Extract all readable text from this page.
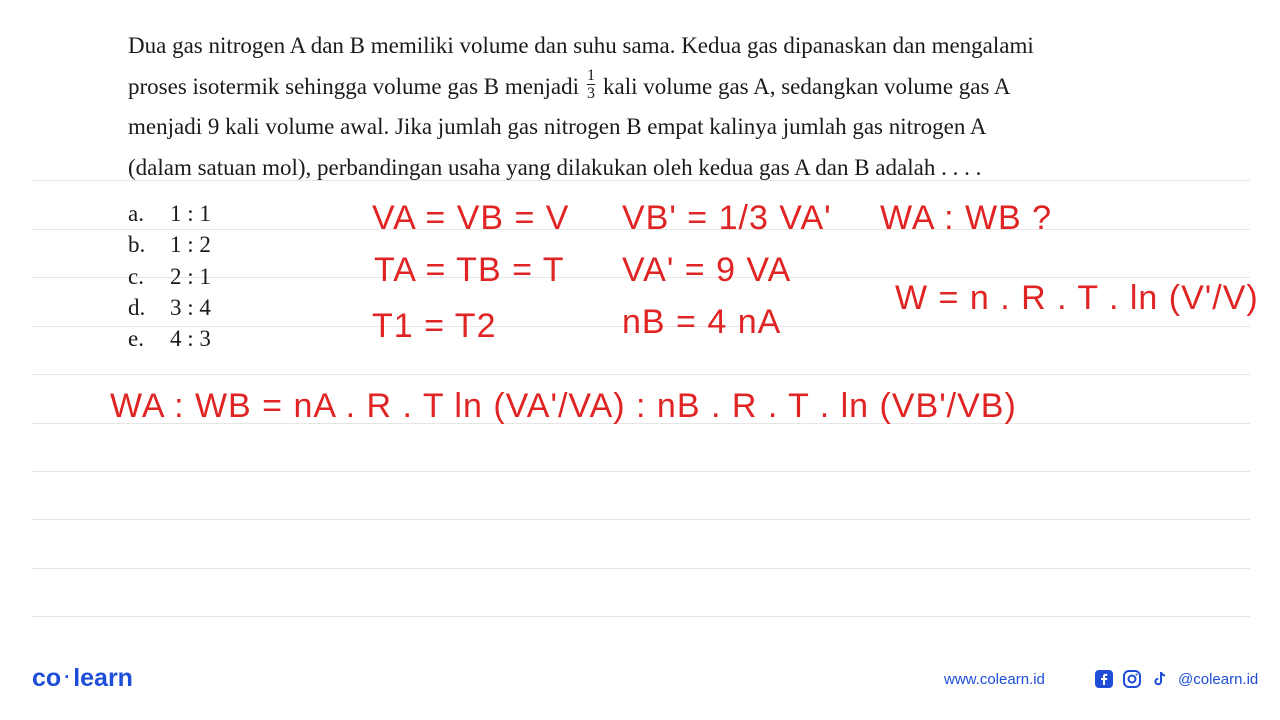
Dua gas nitrogen A dan B memiliki volume dan suhu sama. Kedua gas dipanaskan dan mengalami
proses isotermik sehingga volume gas B menjadi $\frac{1}{3}$ kali volume gas A, sedangkan volume gas A
menjadi 9 kali volume awal. Jika jumlah gas nitrogen B empat kalinya jumlah gas nitrogen A
(dalam satuan mol), perbandingan usaha yang dilakukan oleh kedua gas A dan B adalah . . . .
a. 1 : 1
b. 1 : 2
c. 2 : 1
d. 3 : 4
e. 4 : 3
VA = VB = V
TA = TB = T
T1 = T2
VB' = 1/3 VA'
VA' = 9 VA
nB = 4 nA
WA : WB ?
W = n . R . T . ln (V'/V)
WA : WB = nA . R . T ln (VA'/VA) : nB . R . T . ln (VB'/VB)
co · learn	www.colearn.id	@colearn.id
